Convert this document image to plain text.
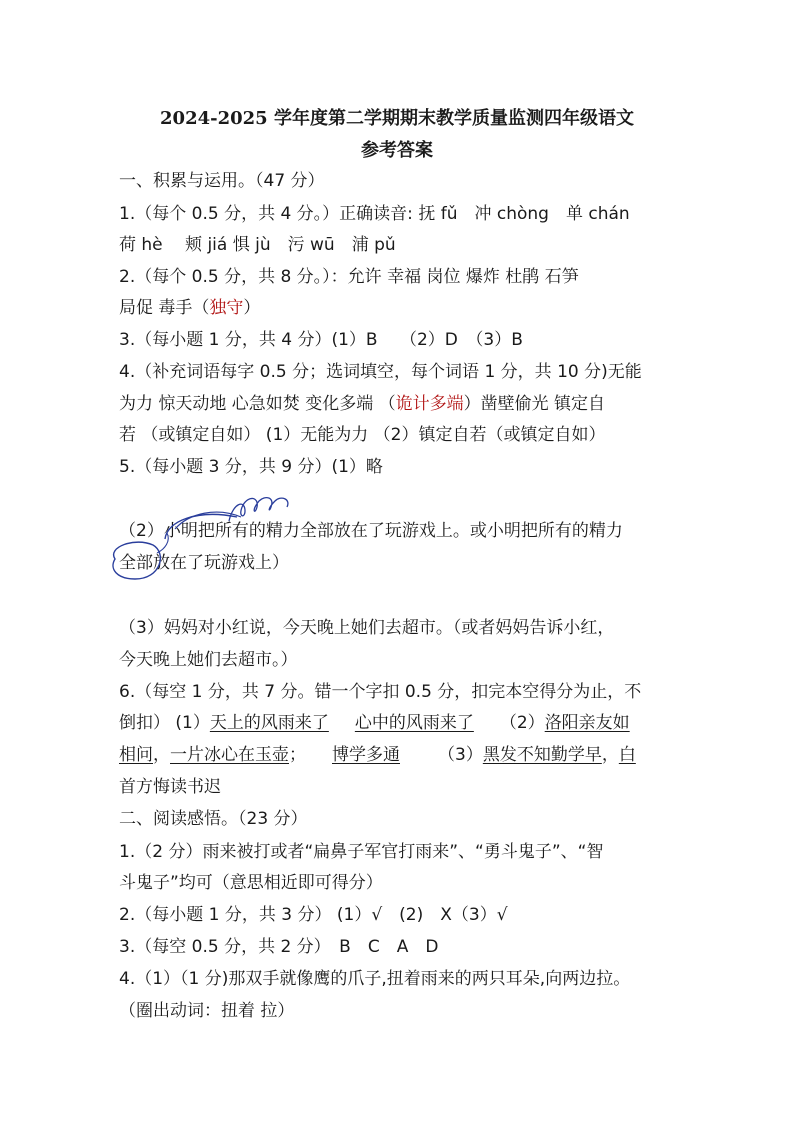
2024-2025 学年度第二学期期末教学质量监测四年级语文
参考答案
一、积累与运用。（47 分）
1.（每个 0.5 分，共 4 分。）正确读音: 抚 fǔ　冲 chòng　单 chán
荷 hè　 颊 jiá 惧 jù　污 wū　浦 pǔ
2.（每个 0.5 分，共 8 分。）：允许 幸福 岗位 爆炸 杜鹃 石笋
局促 毒手（独守）
3.（每小题 1 分，共 4 分）(1）B　 （2）D　（3）B
4.（补充词语每字 0.5 分；选词填空，每个词语 1 分，共 10 分)无能
为力 惊天动地 心急如焚 变化多端 （诡计多端）凿壁偷光 镇定自
若 （或镇定自如） (1）无能为力 （2）镇定自若（或镇定自如）
5.（每小题 3 分，共 9 分）(1）略
（2）小明把所有的精力全部放在了玩游戏上。或小明把所有的精力
全部放在了玩游戏上）
（3）妈妈对小红说，今天晚上她们去超市。（或者妈妈告诉小红，
今天晚上她们去超市。）
6.（每空 1 分，共 7 分。错一个字扣 0.5 分，扣完本空得分为止，不
倒扣） (1）天上的风雨来了 心中的风雨来了 （2）洛阳亲友如
相问，一片冰心在玉壶； 博学多通 （3）黑发不知勤学早，白
首方悔读书迟
二、阅读感悟。（23 分）
1.（2 分）雨来被打或者“扁鼻子军官打雨来”、“勇斗鬼子”、“智
斗鬼子”均可（意思相近即可得分）
2.（每小题 1 分，共 3 分） (1）√　(2)　X（3）√
3.（每空 0.5 分，共 2 分）　B　C　A　D
4.（1）（1 分)那双手就像鹰的爪子,扭着雨来的两只耳朵,向两边拉。
（圈出动词：扭着 拉）
